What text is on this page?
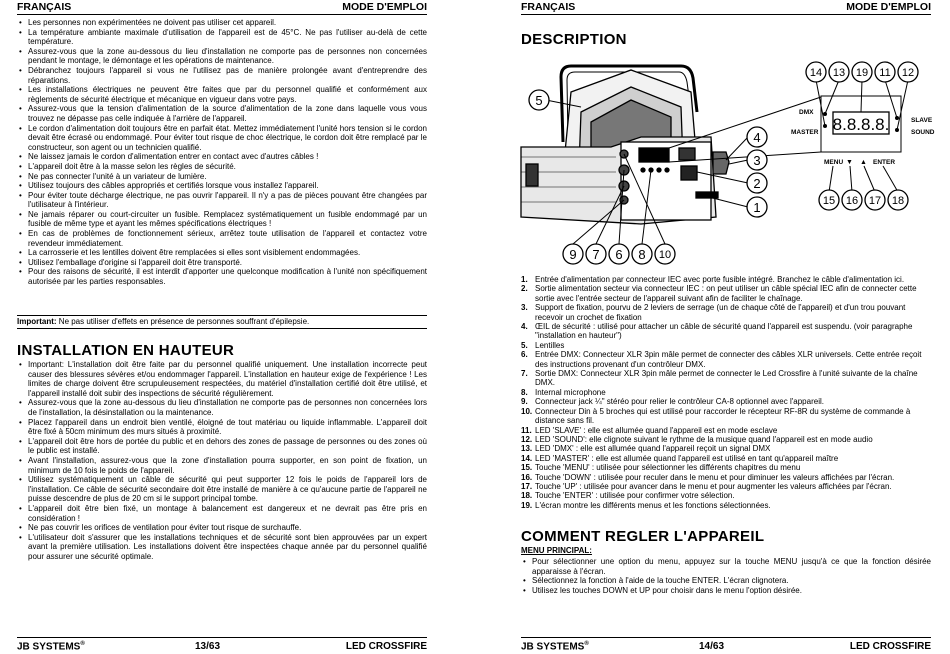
FRANÇAIS	MODE D'EMPLOI
• Les personnes non expérimentées ne doivent pas utiliser cet appareil.
• La température ambiante maximale d'utilisation de l'appareil est de 45°C. Ne pas l'utiliser au-delà de cette température.
• Assurez-vous que la zone au-dessous du lieu d'installation ne comporte pas de personnes non concernées pendant le montage, le démontage et les opérations de maintenance.
• Débranchez toujours l'appareil si vous ne l'utilisez pas de manière prolongée avant d'entreprendre des réparations.
• Les installations électriques ne peuvent être faites que par du personnel qualifié et conformément aux règlements de sécurité électrique et mécanique en vigueur dans votre pays.
• Assurez-vous que la tension d'alimentation de la source d'alimentation de la zone dans laquelle vous vous trouvez ne dépasse pas celle indiquée à l'arrière de l'appareil.
• Le cordon d'alimentation doit toujours être en parfait état. Mettez immédiatement l'unité hors tension si le cordon devait être écrasé ou endommagé. Pour éviter tout risque de choc électrique, le cordon doit être remplacé par le constructeur, son agent ou un technicien qualifié.
• Ne laissez jamais le cordon d'alimentation entrer en contact avec d'autres câbles !
• L'appareil doit être à la masse selon les règles de sécurité.
• Ne pas connecter l'unité à un variateur de lumière.
• Utilisez toujours des câbles appropriés et certifiés lorsque vous installez l'appareil.
• Pour éviter toute décharge électrique, ne pas ouvrir l'appareil. Il n'y a pas de pièces pouvant être changées par l'utilisateur à l'intérieur.
• Ne jamais réparer ou court-circuiter un fusible. Remplacez systématiquement un fusible endommagé par un fusible de même type et ayant les mêmes spécifications électriques !
• En cas de problèmes de fonctionnement sérieux, arrêtez toute utilisation de l'appareil et contactez votre revendeur immédiatement.
• La carrosserie et les lentilles doivent être remplacées si elles sont visiblement endommagées.
• Utilisez l'emballage d'origine si l'appareil doit être transporté.
• Pour des raisons de sécurité, il est interdit d'apporter une quelconque modification à l'unité non spécifiquement autorisée par les parties responsables.
Important: Ne pas utiliser d'effets en présence de personnes souffrant d'épilepsie.
INSTALLATION EN HAUTEUR
• Important: L'installation doit être faite par du personnel qualifié uniquement. Une installation incorrecte peut causer des blessures sévères et/ou endommager l'appareil. L'installation en hauteur exige de l'expérience ! Les limites de charge doivent être scrupuleusement respectées, du matériel d'installation certifié doit être utilisé, et l'appareil installé doit subir des inspections de sécurité régulièrement.
• Assurez-vous que la zone au-dessous du lieu d'installation ne comporte pas de personnes non concernées lors de l'installation, la désinstallation ou la maintenance.
• Placez l'appareil dans un endroit bien ventilé, éloigné de tout matériau ou liquide inflammable. L'appareil doit être fixé à 50cm minimum des murs situés à proximité.
• L'appareil doit être hors de portée du public et en dehors des zones de passage de personnes ou des zones où le public est installé.
• Avant l'installation, assurez-vous que la zone d'installation pourra supporter, en son point de fixation, un minimum de 10 fois le poids de l'appareil.
• Utilisez systématiquement un câble de sécurité qui peut supporter 12 fois le poids de l'appareil lors de l'installation. Ce câble de sécurité secondaire doit être installé de manière à ce qu'aucune partie de l'appareil ne puisse descendre de plus de 20 cm si le support principal tombe.
• L'appareil doit être bien fixé, un montage à balancement est dangereux et ne devrait pas être pris en considération !
• Ne pas couvrir les orifices de ventilation pour éviter tout risque de surchauffe.
• L'utilisateur doit s'assurer que les installations techniques et de sécurité sont bien approuvées par un expert avant la première utilisation. Les installations doivent être inspectées chaque année par du personnel qualifié pour assurer une sécurité optimale.
JB SYSTEMS®	13/63	LED CROSSFIRE
FRANÇAIS	MODE D'EMPLOI
DESCRIPTION
5
4
3
2
1
9 7 6 8 10
8.8.8.8.
DMX
MASTER
SLAVE
SOUND
MENU ▼ ▲ ENTER
14 13 19 11 12
15 16 17 18
1. Entrée d'alimentation par connecteur IEC avec porte fusible intégré. Branchez le câble d'alimentation ici.
2. Sortie alimentation secteur via connecteur IEC : on peut utiliser un câble spécial IEC afin de connecter cette sortie avec l'entrée secteur de l'appareil suivant afin de faciliter le chaînage.
3. Support de fixation, pourvu de 2 leviers de serrage (un de chaque côté de l'appareil) et d'un trou pouvant recevoir un crochet de fixation
4. ŒIL de sécurité : utilisé pour attacher un câble de sécurité quand l'appareil est suspendu. (voir paragraphe "installation en hauteur")
5. Lentilles
6. Entrée DMX: Connecteur XLR 3pin mâle permet de connecter des câbles XLR universels. Cette entrée reçoit des instructions provenant d'un contrôleur DMX.
7. Sortie DMX: Connecteur XLR 3pin mâle permet de connecter le Led Crossfire à l'unité suivante de la chaîne DMX.
8. Internal microphone
9. Connecteur jack ¼" stéréo pour relier le contrôleur CA-8 optionnel avec l'appareil.
10. Connecteur Din à 5 broches qui est utilisé pour raccorder le récepteur RF-8R du système de commande à distance sans fil.
11. LED 'SLAVE' : elle est allumée quand l'appareil est en mode esclave
12. LED 'SOUND': elle clignote suivant le rythme de la musique quand l'appareil est en mode audio
13. LED 'DMX' : elle est allumée quand l'appareil reçoit un signal DMX
14. LED 'MASTER' : elle est allumée quand l'appareil est utilisé en tant qu'appareil maître
15. Touche 'MENU' : utilisée pour sélectionner les différents chapitres du menu
16. Touche 'DOWN' : utilisée pour reculer dans le menu et pour diminuer les valeurs affichées par l'écran.
17. Touche 'UP' : utilisée pour avancer dans le menu et pour augmenter les valeurs affichées par l'écran.
18. Touche 'ENTER' : utilisée pour confirmer votre sélection.
19. L'écran montre les différents menus et les fonctions sélectionnées.
COMMENT REGLER L'APPAREIL
MENU PRINCIPAL:
• Pour sélectionner une option du menu, appuyez sur la touche MENU jusqu'à ce que la fonction désirée apparaisse à l'écran.
• Sélectionnez la fonction à l'aide de la touche ENTER. L'écran clignotera.
• Utilisez les touches DOWN et UP pour choisir dans le menu l'option désirée.
JB SYSTEMS®	14/63	LED CROSSFIRE
